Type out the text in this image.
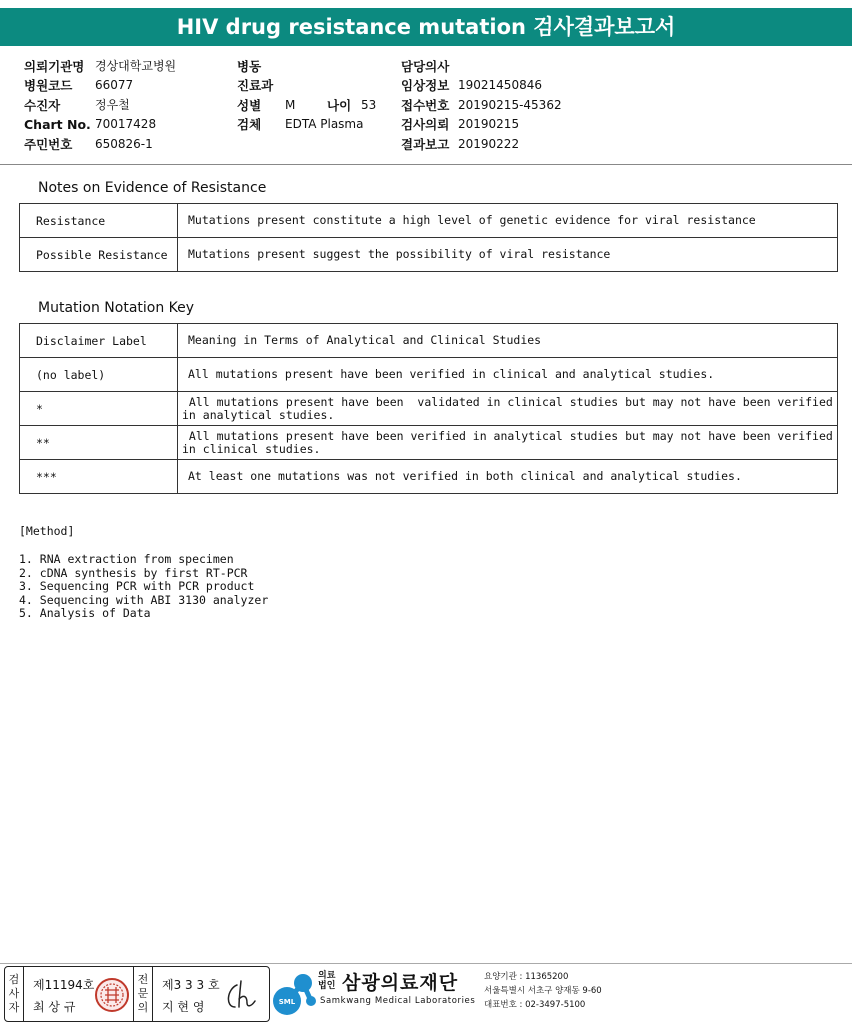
HIV drug resistance mutation 검사결과보고서
의뢰기관명 경상대학교병원
병원코드	66077
수진자	정우철
Chart No. 70017428
주민번호	650826-1
병동
진료과
성별	M	나이 53
검체	EDTA Plasma
담당의사
임상정보 19021450846
접수번호 20190215-45362
검사의뢰 20190215
결과보고 20190222
Notes on Evidence of Resistance
Resistance	Mutations present constitute a high level of genetic evidence for viral resistance
Possible Resistance	Mutations present suggest the possibility of viral resistance
Mutation Notation Key
Disclaimer Label	Meaning in Terms of Analytical and Clinical Studies
(no label)	All mutations present have been verified in clinical and analytical studies.
*	All mutations present have been  validated in clinical studies but may not have been verified
in analytical studies.

**	All mutations present have been verified in analytical studies but may not have been verified
in clinical studies.

***	At least one mutations was not verified in both clinical and analytical studies.
[Method]
1. RNA extraction from specimen
2. cDNA synthesis by first RT-PCR
3. Sequencing PCR with PCR product
4. Sequencing with ABI 3130 analyzer
5. Analysis of Data
검
사
자
제11194호
최 상 규
전
문
의
제3 3 3 호
지 현 영	SML
의료
법인 삼광의료재단
Samkwang Medical Laboratories
요양기관 : 11365200
서울특별시 서초구 양재동 9-60
대표번호 : 02-3497-5100
